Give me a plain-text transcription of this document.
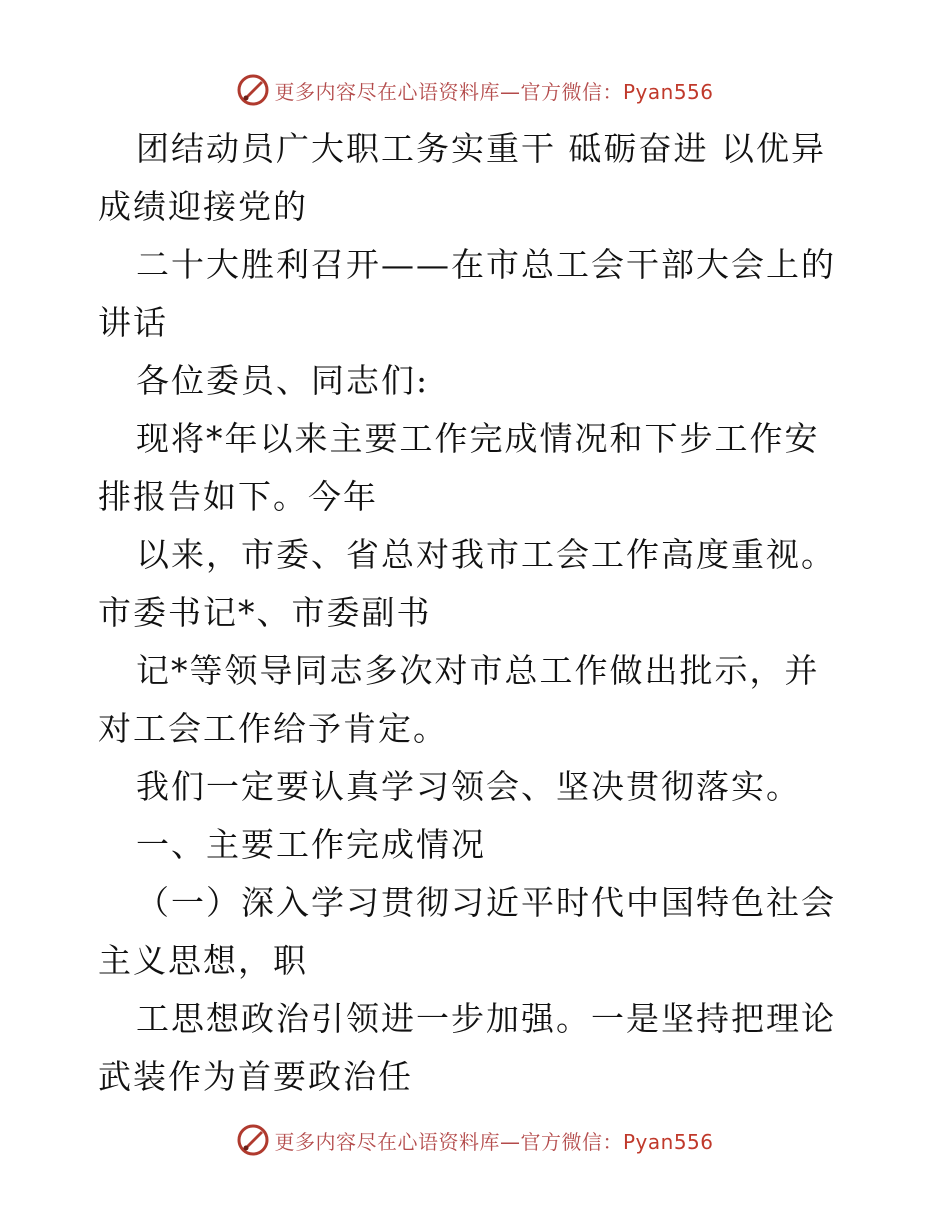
更多内容尽在心语资料库—官方微信：Pyan556

团结动员广大职工务实重干 砥砺奋进 以优异成绩迎接党的

二十大胜利召开——在市总工会干部大会上的讲话

各位委员、同志们:

现将*年以来主要工作完成情况和下步工作安排报告如下。今年

以来，市委、省总对我市工会工作高度重视。市委书记*、市委副书

记*等领导同志多次对市总工作做出批示，并对工会工作给予肯定。

我们一定要认真学习领会、坚决贯彻落实。

一、主要工作完成情况

（一）深入学习贯彻习近平时代中国特色社会主义思想，职

工思想政治引领进一步加强。一是坚持把理论武装作为首要政治任

更多内容尽在心语资料库—官方微信：Pyan556
